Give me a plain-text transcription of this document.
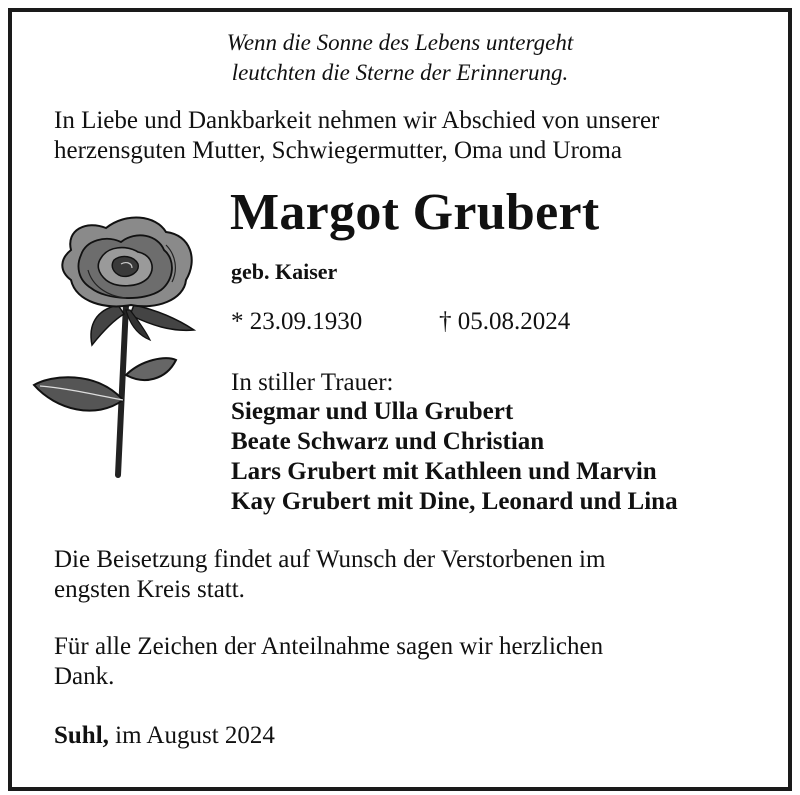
Wenn die Sonne des Lebens untergeht
leutchten die Sterne der Erinnerung.
In Liebe und Dankbarkeit nehmen wir Abschied von unserer
herzensguten Mutter, Schwiegermutter, Oma und Uroma
Margot Grubert
geb. Kaiser
* 23.09.1930	† 05.08.2024
In stiller Trauer:
Siegmar und Ulla Grubert
Beate Schwarz und Christian
Lars Grubert mit Kathleen und Marvin
Kay Grubert mit Dine, Leonard und Lina
Die Beisetzung findet auf Wunsch der Verstorbenen im
engsten Kreis statt.
Für alle Zeichen der Anteilnahme sagen wir herzlichen
Dank.
Suhl, im August 2024
